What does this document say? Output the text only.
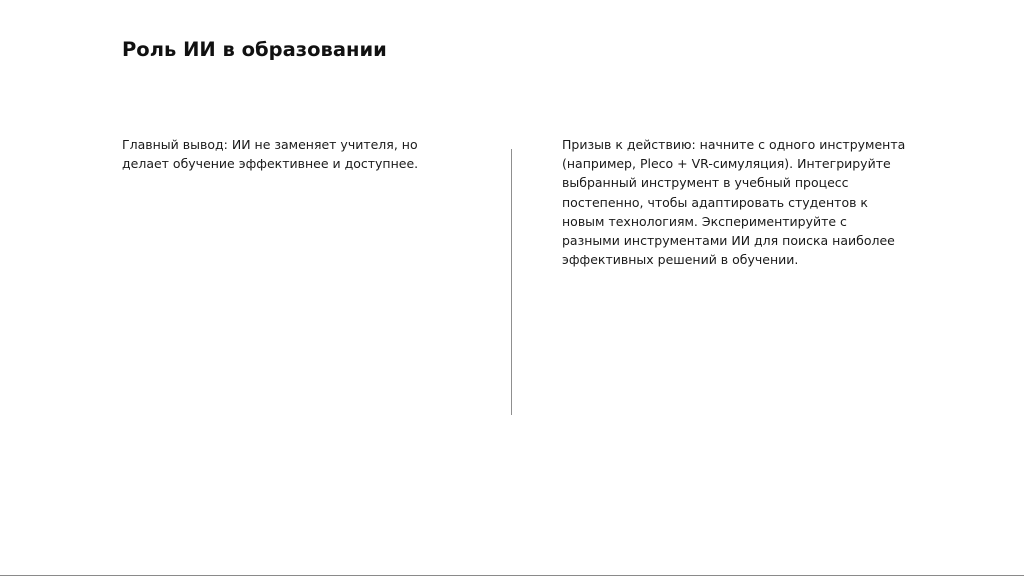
Роль ИИ в образовании

Главный вывод: ИИ не заменяет учителя, но делает обучение эффективнее и доступнее.

Призыв к действию: начните с одного инструмента (например, Pleco + VR-симуляция). Интегрируйте выбранный инструмент в учебный процесс постепенно, чтобы адаптировать студентов к новым технологиям. Экспериментируйте с разными инструментами ИИ для поиска наиболее эффективных решений в обучении.
